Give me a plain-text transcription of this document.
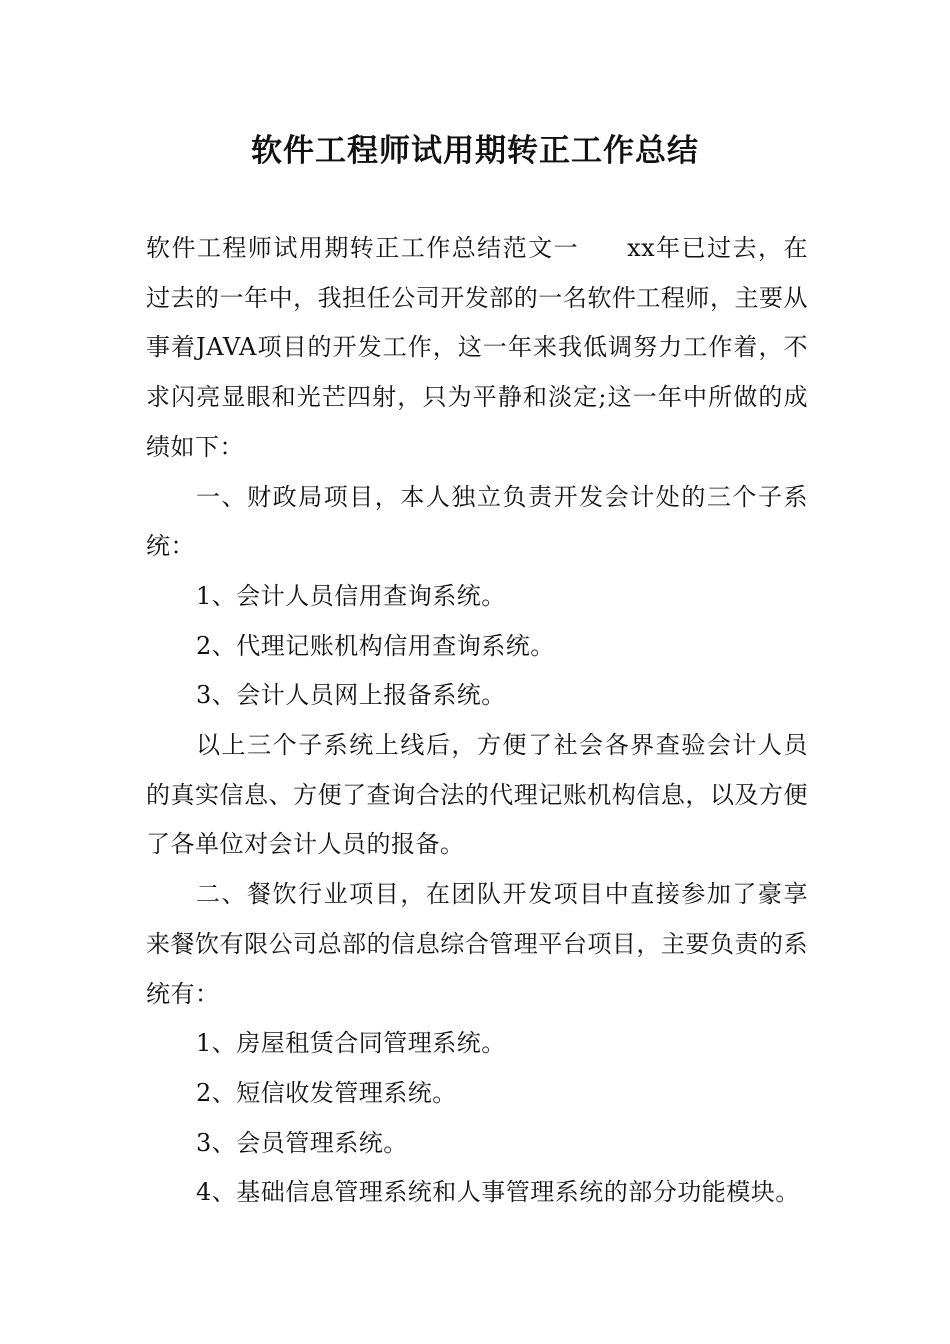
软件工程师试用期转正工作总结

软件工程师试用期转正工作总结范文一 xx年已过去，在过去的一年中，我担任公司开发部的一名软件工程师，主要从事着JAVA项目的开发工作，这一年来我低调努力工作着，不求闪亮显眼和光芒四射，只为平静和淡定;这一年中所做的成绩如下：

一、财政局项目，本人独立负责开发会计处的三个子系统：

1、会计人员信用查询系统。

2、代理记账机构信用查询系统。

3、会计人员网上报备系统。

以上三个子系统上线后，方便了社会各界查验会计人员的真实信息、方便了查询合法的代理记账机构信息，以及方便了各单位对会计人员的报备。

二、餐饮行业项目，在团队开发项目中直接参加了豪享来餐饮有限公司总部的信息综合管理平台项目，主要负责的系统有：

1、房屋租赁合同管理系统。

2、短信收发管理系统。

3、会员管理系统。

4、基础信息管理系统和人事管理系统的部分功能模块。
